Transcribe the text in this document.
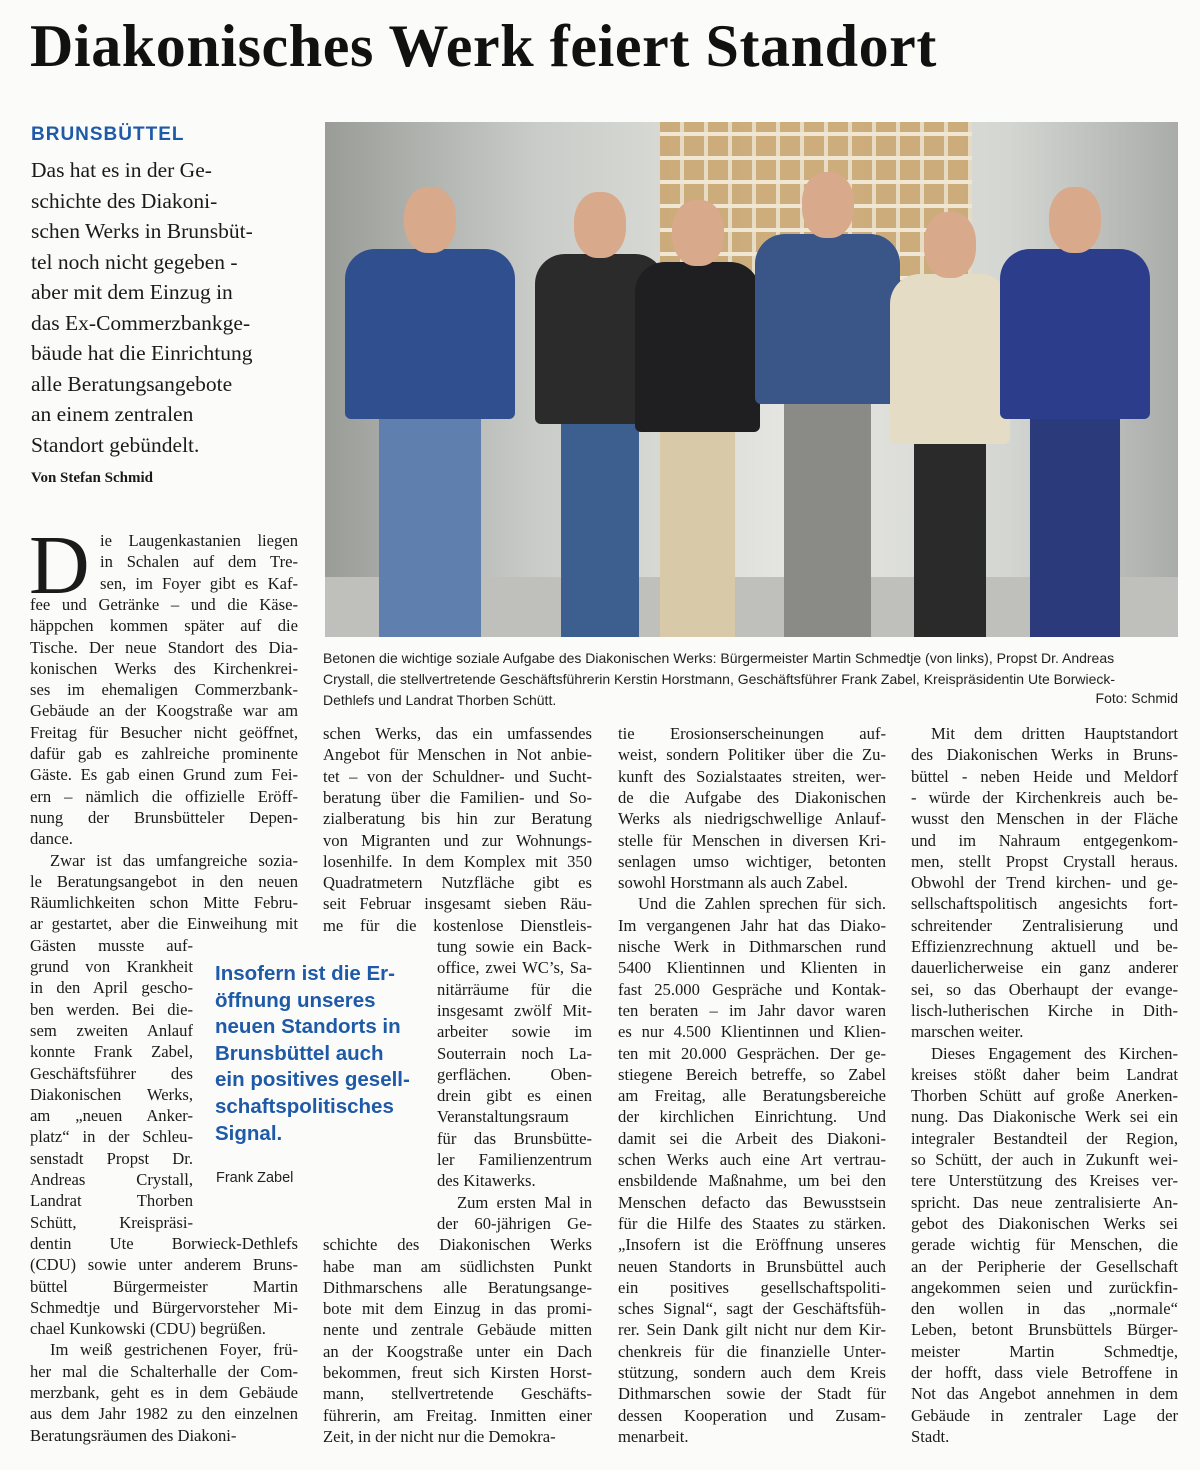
Diakonisches Werk feiert Standort
BRUNSBÜTTEL
Das hat es in der Ge-
schichte des Diakoni-
schen Werks in Brunsbüt-
tel noch nicht gegeben -
aber mit dem Einzug in
das Ex-Commerzbankge-
bäude hat die Einrichtung
alle Beratungsangebote
an einem zentralen
Standort gebündelt.
Von Stefan Schmid
Betonen die wichtige soziale Aufgabe des Diakonischen Werks: Bürgermeister Martin Schmedtje (von links), Propst Dr. Andreas
Crystall, die stellvertretende Geschäftsführerin Kerstin Horstmann, Geschäftsführer Frank Zabel, Kreispräsidentin Ute Borwieck-
Dethlefs und Landrat Thorben Schütt.	Foto: Schmid
D ie Laugenkastanien liegen
in Schalen auf dem Tre-
sen, im Foyer gibt es Kaf-
fee und Getränke – und die Käse-
häppchen kommen später auf die
Tische. Der neue Standort des Dia-
konischen Werks des Kirchenkrei-
ses im ehemaligen Commerzbank-
Gebäude an der Koogstraße war am
Freitag für Besucher nicht geöffnet,
dafür gab es zahlreiche prominente
Gäste. Es gab einen Grund zum Fei-
ern – nämlich die offizielle Eröff-
nung der Brunsbütteler Depen-
dance.
Zwar ist das umfangreiche sozia-
le Beratungsangebot in den neuen
Räumlichkeiten schon Mitte Febru-
ar gestartet, aber die Einweihung mit
Gästen musste auf-
grund von Krankheit
in den April gescho-
ben werden. Bei die-
sem zweiten Anlauf
konnte Frank Zabel,
Geschäftsführer des
Diakonischen Werks,
am „neuen Anker-
platz“ in der Schleu-
senstadt Propst Dr.
Andreas Crystall,
Landrat Thorben
Schütt, Kreispräsi-
dentin Ute Borwieck-Dethlefs
(CDU) sowie unter anderem Bruns-
büttel Bürgermeister Martin
Schmedtje und Bürgervorsteher Mi-
chael Kunkowski (CDU) begrüßen.
Im weiß gestrichenen Foyer, frü-
her mal die Schalterhalle der Com-
merzbank, geht es in dem Gebäude
aus dem Jahr 1982 zu den einzelnen
Beratungsräumen des Diakoni-
schen Werks, das ein umfassendes
Angebot für Menschen in Not anbie-
tet – von der Schuldner- und Sucht-
beratung über die Familien- und So-
zialberatung bis hin zur Beratung
von Migranten und zur Wohnungs-
losenhilfe. In dem Komplex mit 350
Quadratmetern Nutzfläche gibt es
seit Februar insgesamt sieben Räu-
me für die kostenlose Dienstleis-
tung sowie ein Back-
office, zwei WC’s, Sa-
nitärräume für die
insgesamt zwölf Mit-
arbeiter sowie im
Souterrain noch La-
gerflächen. Oben-
drein gibt es einen
Veranstaltungsraum
für das Brunsbütte-
ler Familienzentrum
des Kitawerks.
Zum ersten Mal in
der 60-jährigen Ge-
schichte des Diakonischen Werks
habe man am südlichsten Punkt
Dithmarschens alle Beratungsange-
bote mit dem Einzug in das promi-
nente und zentrale Gebäude mitten
an der Koogstraße unter ein Dach
bekommen, freut sich Kirsten Horst-
mann, stellvertretende Geschäfts-
führerin, am Freitag. Inmitten einer
Zeit, in der nicht nur die Demokra-
tie Erosionserscheinungen auf-
weist, sondern Politiker über die Zu-
kunft des Sozialstaates streiten, wer-
de die Aufgabe des Diakonischen
Werks als niedrigschwellige Anlauf-
stelle für Menschen in diversen Kri-
senlagen umso wichtiger, betonten
sowohl Horstmann als auch Zabel.
Und die Zahlen sprechen für sich.
Im vergangenen Jahr hat das Diako-
nische Werk in Dithmarschen rund
5400 Klientinnen und Klienten in
fast 25.000 Gespräche und Kontak-
ten beraten – im Jahr davor waren
es nur 4.500 Klientinnen und Klien-
ten mit 20.000 Gesprächen. Der ge-
stiegene Bereich betreffe, so Zabel
am Freitag, alle Beratungsbereiche
der kirchlichen Einrichtung. Und
damit sei die Arbeit des Diakoni-
schen Werks auch eine Art vertrau-
ensbildende Maßnahme, um bei den
Menschen defacto das Bewusstsein
für die Hilfe des Staates zu stärken.
„Insofern ist die Eröffnung unseres
neuen Standorts in Brunsbüttel auch
ein positives gesellschaftspoliti-
sches Signal“, sagt der Geschäftsfüh-
rer. Sein Dank gilt nicht nur dem Kir-
chenkreis für die finanzielle Unter-
stützung, sondern auch dem Kreis
Dithmarschen sowie der Stadt für
dessen Kooperation und Zusam-
menarbeit.
Mit dem dritten Hauptstandort
des Diakonischen Werks in Bruns-
büttel - neben Heide und Meldorf
- würde der Kirchenkreis auch be-
wusst den Menschen in der Fläche
und im Nahraum entgegenkom-
men, stellt Propst Crystall heraus.
Obwohl der Trend kirchen- und ge-
sellschaftspolitisch angesichts fort-
schreitender Zentralisierung und
Effizienzrechnung aktuell und be-
dauerlicherweise ein ganz anderer
sei, so das Oberhaupt der evange-
lisch-lutherischen Kirche in Dith-
marschen weiter.
Dieses Engagement des Kirchen-
kreises stößt daher beim Landrat
Thorben Schütt auf große Anerken-
nung. Das Diakonische Werk sei ein
integraler Bestandteil der Region,
so Schütt, der auch in Zukunft wei-
tere Unterstützung des Kreises ver-
spricht. Das neue zentralisierte An-
gebot des Diakonischen Werks sei
gerade wichtig für Menschen, die
an der Peripherie der Gesellschaft
angekommen seien und zurückfin-
den wollen in das „normale“
Leben, betont Brunsbüttels Bürger-
meister Martin Schmedtje,
der hofft, dass viele Betroffene in
Not das Angebot annehmen in dem
Gebäude in zentraler Lage der
Stadt.
Insofern ist die Er-
öffnung unseres
neuen Standorts in
Brunsbüttel auch
ein positives gesell-
schaftspolitisches
Signal.
Frank Zabel
